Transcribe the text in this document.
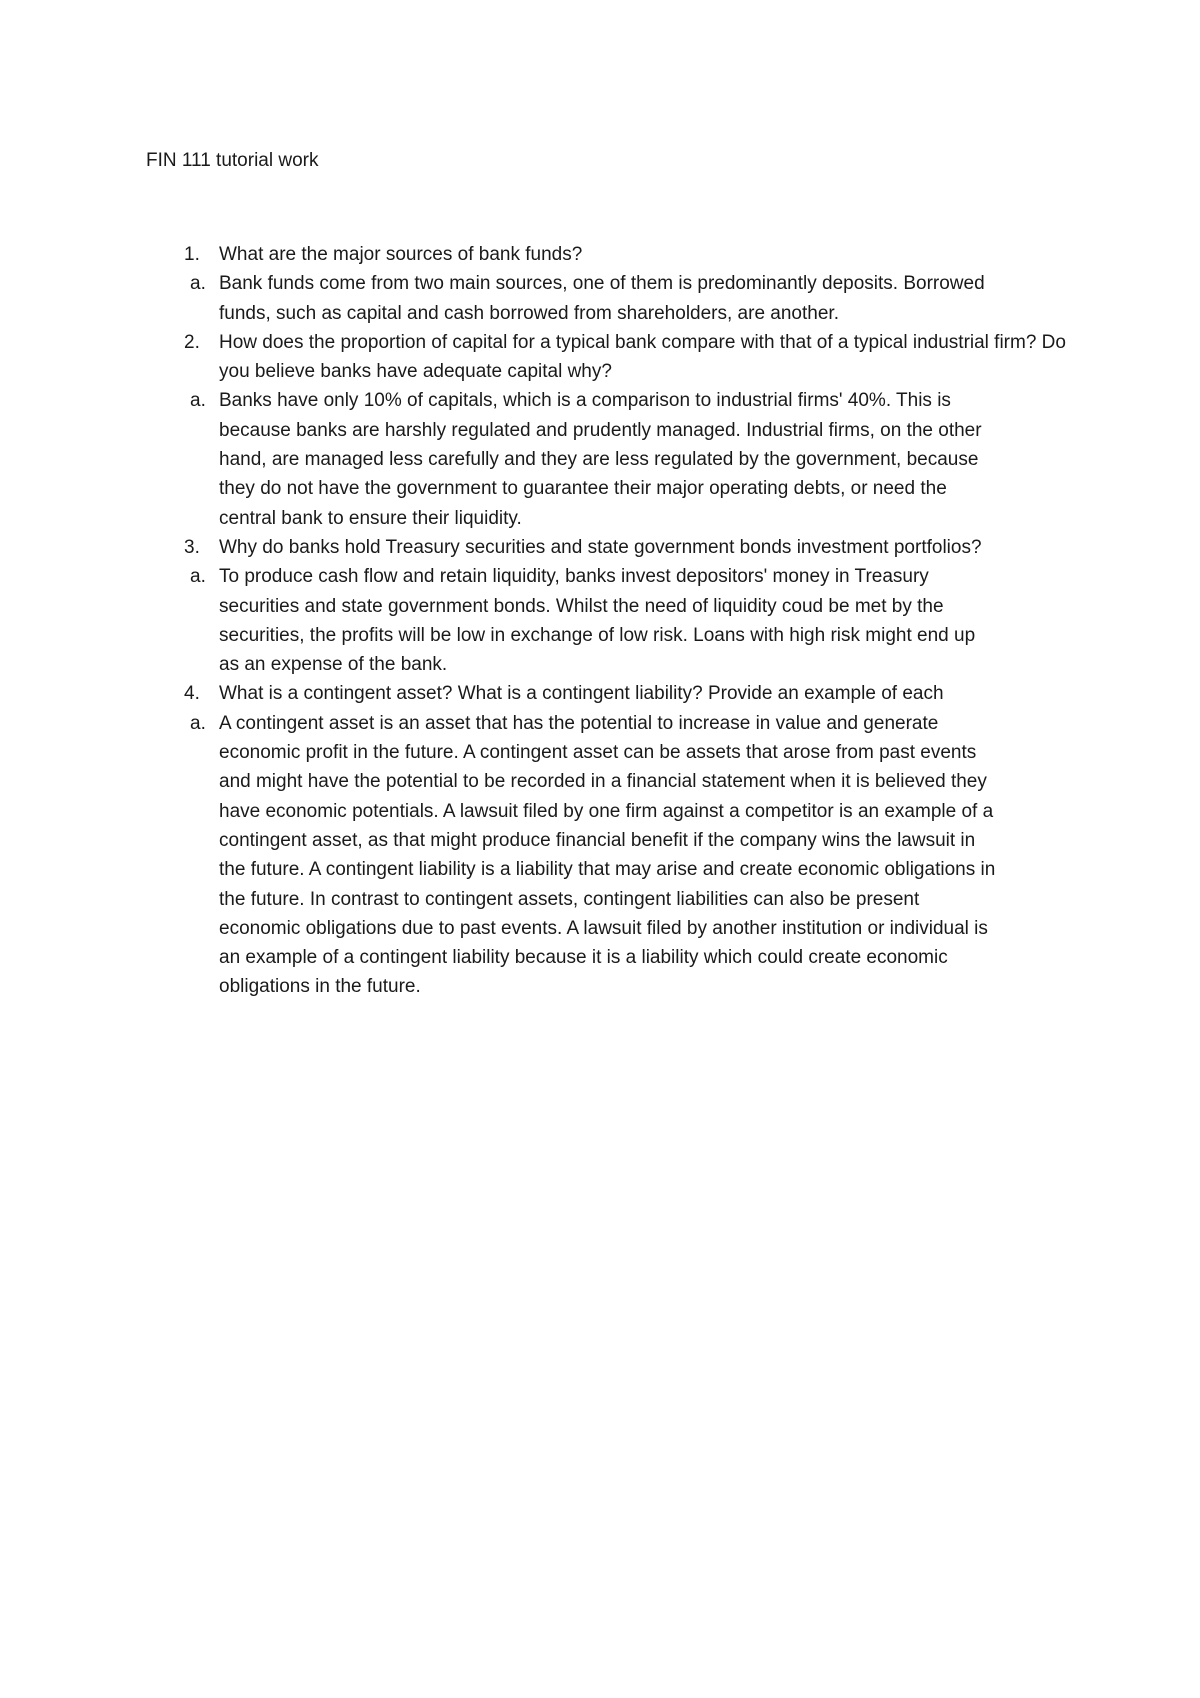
FIN 111 tutorial work
1. What are the major sources of bank funds?
a. Bank funds come from two main sources, one of them is predominantly deposits. Borrowed funds, such as capital and cash borrowed from shareholders, are another.
2. How does the proportion of capital for a typical bank compare with that of a typical industrial firm? Do you believe banks have adequate capital why?
a. Banks have only 10% of capitals, which is a comparison to industrial firms' 40%. This is because banks are harshly regulated and prudently managed. Industrial firms, on the other hand, are managed less carefully and they are less regulated by the government, because they do not have the government to guarantee their major operating debts, or need the central bank to ensure their liquidity.
3. Why do banks hold Treasury securities and state government bonds investment portfolios?
a. To produce cash flow and retain liquidity, banks invest depositors' money in Treasury securities and state government bonds. Whilst the need of liquidity coud be met by the securities, the profits will be low in exchange of low risk. Loans with high risk might end up as an expense of the bank.
4. What is a contingent asset? What is a contingent liability? Provide an example of each
a. A contingent asset is an asset that has the potential to increase in value and generate economic profit in the future. A contingent asset can be assets that arose from past events and might have the potential to be recorded in a financial statement when it is believed they have economic potentials. A lawsuit filed by one firm against a competitor is an example of a contingent asset, as that might produce financial benefit if the company wins the lawsuit in the future. A contingent liability is a liability that may arise and create economic obligations in the future. In contrast to contingent assets, contingent liabilities can also be present economic obligations due to past events. A lawsuit filed by another institution or individual is an example of a contingent liability because it is a liability which could create economic obligations in the future.
